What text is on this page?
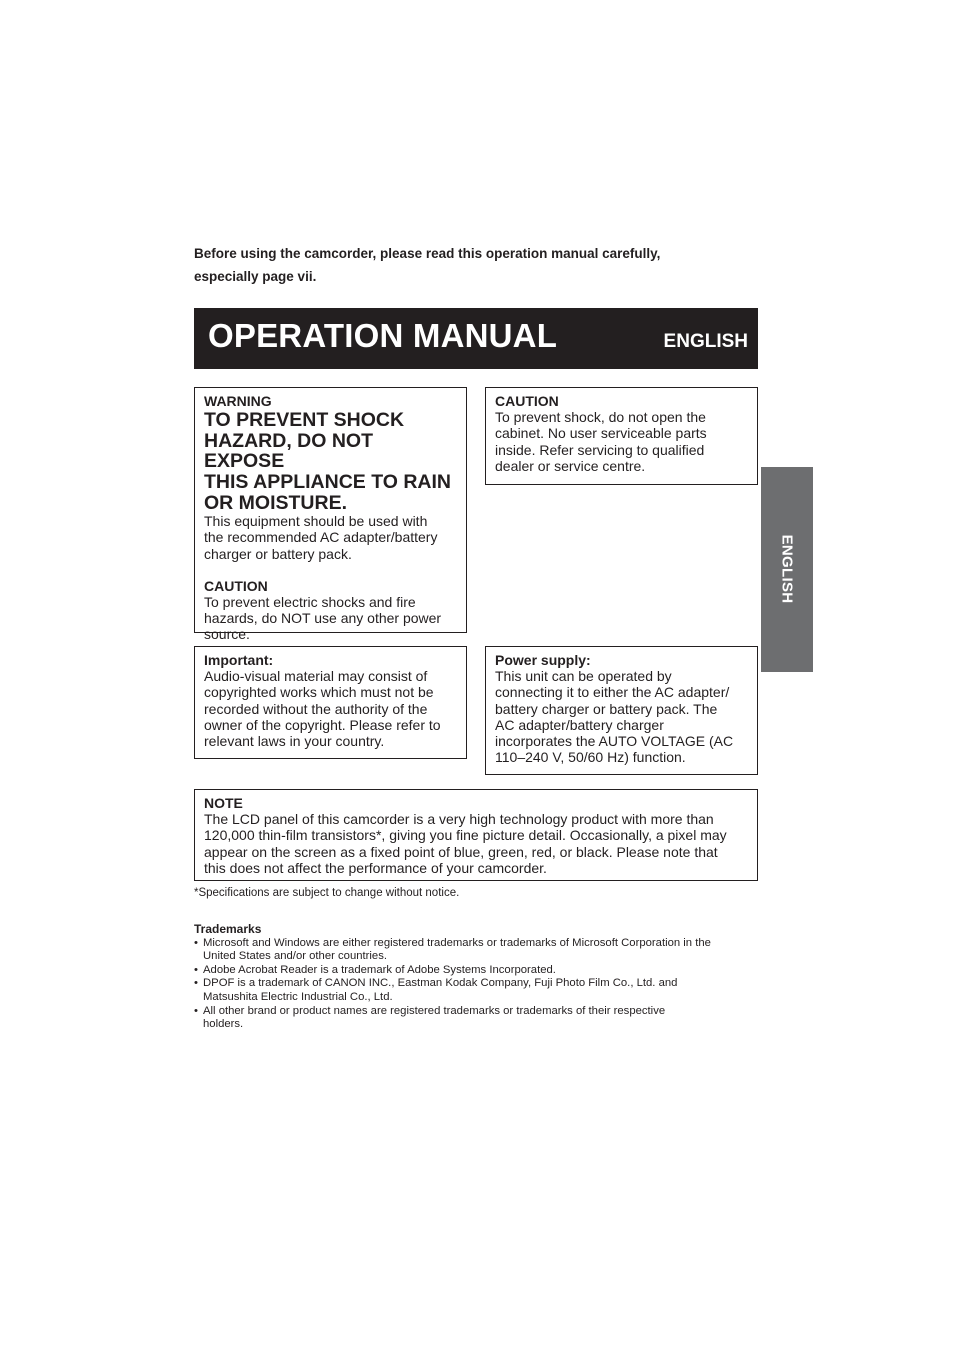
Before using the camcorder, please read this operation manual carefully,

especially page vii.

OPERATION MANUAL	ENGLISH
ENGLISH

WARNING

TO PREVENT SHOCK
HAZARD, DO NOT EXPOSE
THIS APPLIANCE TO RAIN
OR MOISTURE.

This equipment should be used with

the recommended AC adapter/battery

charger or battery pack.

CAUTION

To prevent electric shocks and fire

hazards, do NOT use any other power

source.

CAUTION

To prevent shock, do not open the

cabinet. No user serviceable parts

inside. Refer servicing to qualified

dealer or service centre.

Important:

Audio-visual material may consist of

copyrighted works which must not be

recorded without the authority of the

owner of the copyright. Please refer to

relevant laws in your country.

Power supply:

This unit can be operated by

connecting it to either the AC adapter/

battery charger or battery pack. The

AC adapter/battery charger

incorporates the AUTO VOLTAGE (AC

110–240 V, 50/60 Hz) function.

NOTE

The LCD panel of this camcorder is a very high technology product with more than

120,000 thin-film transistors*, giving you fine picture detail. Occasionally, a pixel may

appear on the screen as a fixed point of blue, green, red, or black. Please note that

this does not affect the performance of your camcorder.

*Specifications are subject to change without notice.
Trademarks
• Microsoft and Windows are either registered trademarks or trademarks of Microsoft Corporation in the
United States and/or other countries.
• Adobe Acrobat Reader is a trademark of Adobe Systems Incorporated.
• DPOF is a trademark of CANON INC., Eastman Kodak Company, Fuji Photo Film Co., Ltd. and
Matsushita Electric Industrial Co., Ltd.
• All other brand or product names are registered trademarks or trademarks of their respective
holders.
